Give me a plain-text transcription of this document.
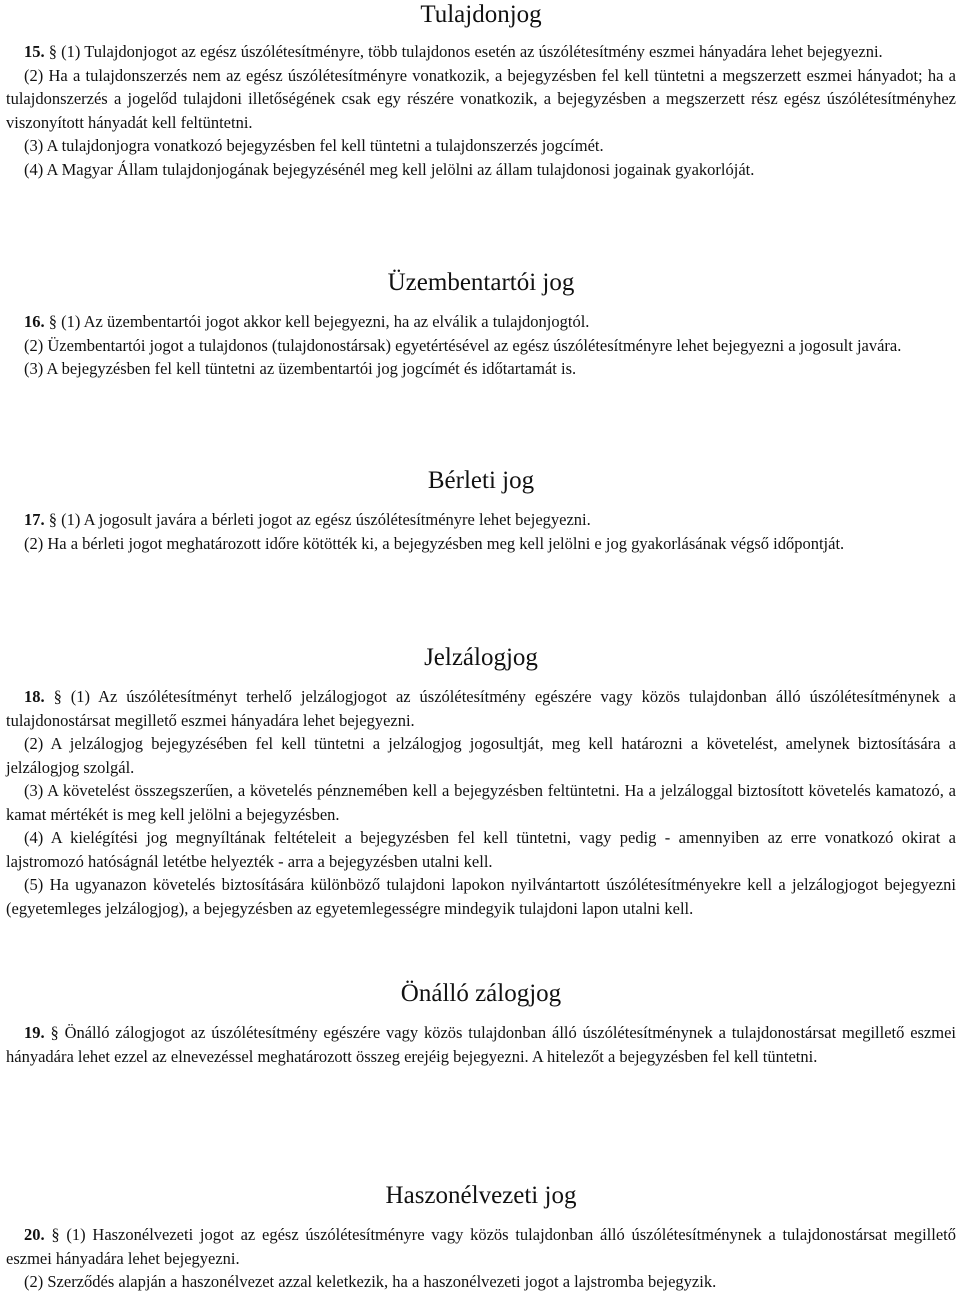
Tulajdonjog

15. § (1) Tulajdonjogot az egész úszólétesítményre, több tulajdonos esetén az úszólétesítmény eszmei hányadára lehet bejegyezni.

(2) Ha a tulajdonszerzés nem az egész úszólétesítményre vonatkozik, a bejegyzésben fel kell tüntetni a megszerzett eszmei hányadot; ha a tulajdonszerzés a jogelőd tulajdoni illetőségének csak egy részére vonatkozik, a bejegyzésben a megszerzett rész egész úszólétesítményhez viszonyított hányadát kell feltüntetni.

(3) A tulajdonjogra vonatkozó bejegyzésben fel kell tüntetni a tulajdonszerzés jogcímét.

(4) A Magyar Állam tulajdonjogának bejegyzésénél meg kell jelölni az állam tulajdonosi jogainak gyakorlóját.

Üzembentartói jog

16. § (1) Az üzembentartói jogot akkor kell bejegyezni, ha az elválik a tulajdonjogtól.

(2) Üzembentartói jogot a tulajdonos (tulajdonostársak) egyetértésével az egész úszólétesítményre lehet bejegyezni a jogosult javára.

(3) A bejegyzésben fel kell tüntetni az üzembentartói jog jogcímét és időtartamát is.

Bérleti jog

17. § (1) A jogosult javára a bérleti jogot az egész úszólétesítményre lehet bejegyezni.

(2) Ha a bérleti jogot meghatározott időre kötötték ki, a bejegyzésben meg kell jelölni e jog gyakorlásának végső időpontját.

Jelzálogjog

18. § (1) Az úszólétesítményt terhelő jelzálogjogot az úszólétesítmény egészére vagy közös tulajdonban álló úszólétesítménynek a tulajdonostársat megillető eszmei hányadára lehet bejegyezni.

(2) A jelzálogjog bejegyzésében fel kell tüntetni a jelzálogjog jogosultját, meg kell határozni a követelést, amelynek biztosítására a jelzálogjog szolgál.

(3) A követelést összegszerűen, a követelés pénznemében kell a bejegyzésben feltüntetni. Ha a jelzáloggal biztosított követelés kamatozó, a kamat mértékét is meg kell jelölni a bejegyzésben.

(4) A kielégítési jog megnyíltának feltételeit a bejegyzésben fel kell tüntetni, vagy pedig - amennyiben az erre vonatkozó okirat a lajstromozó hatóságnál letétbe helyezték - arra a bejegyzésben utalni kell.

(5) Ha ugyanazon követelés biztosítására különböző tulajdoni lapokon nyilvántartott úszólétesítményekre kell a jelzálogjogot bejegyezni (egyetemleges jelzálogjog), a bejegyzésben az egyetemlegességre mindegyik tulajdoni lapon utalni kell.

Önálló zálogjog

19. § Önálló zálogjogot az úszólétesítmény egészére vagy közös tulajdonban álló úszólétesítménynek a tulajdonostársat megillető eszmei hányadára lehet ezzel az elnevezéssel meghatározott összeg erejéig bejegyezni. A hitelezőt a bejegyzésben fel kell tüntetni.

Haszonélvezeti jog

20. § (1) Haszonélvezeti jogot az egész úszólétesítményre vagy közös tulajdonban álló úszólétesítménynek a tulajdonostársat megillető eszmei hányadára lehet bejegyezni.

(2) Szerződés alapján a haszonélvezet azzal keletkezik, ha a haszonélvezeti jogot a lajstromba bejegyzik.
